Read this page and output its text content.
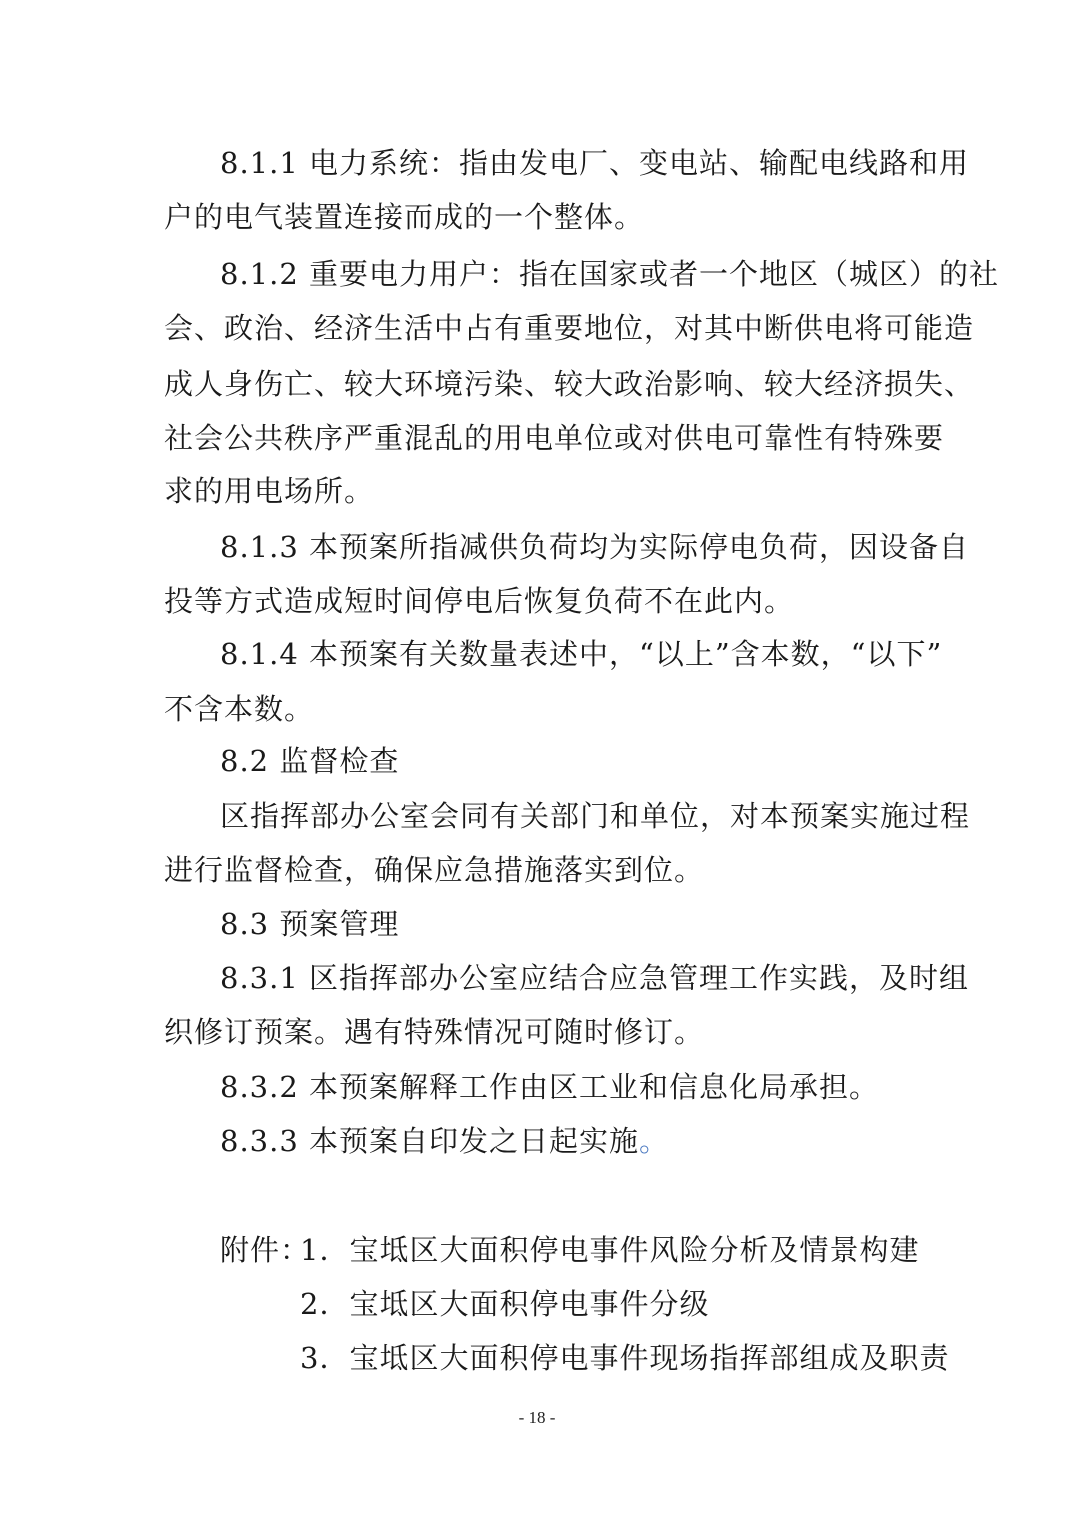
8.1.1 电力系统：指由发电厂、变电站、输配电线路和用
户的电气装置连接而成的一个整体。
8.1.2 重要电力用户：指在国家或者一个地区（城区）的社
会、政治、经济生活中占有重要地位，对其中断供电将可能造
成人身伤亡、较大环境污染、较大政治影响、较大经济损失、
社会公共秩序严重混乱的用电单位或对供电可靠性有特殊要
求的用电场所。
8.1.3 本预案所指减供负荷均为实际停电负荷，因设备自
投等方式造成短时间停电后恢复负荷不在此内。
8.1.4 本预案有关数量表述中，“以上”含本数，“以下”
不含本数。
8.2 监督检查
区指挥部办公室会同有关部门和单位，对本预案实施过程
进行监督检查，确保应急措施落实到位。
8.3 预案管理
8.3.1 区指挥部办公室应结合应急管理工作实践，及时组
织修订预案。遇有特殊情况可随时修订。
8.3.2 本预案解释工作由区工业和信息化局承担。
8.3.3 本预案自印发之日起实施。
附件：
1．宝坻区大面积停电事件风险分析及情景构建
2．宝坻区大面积停电事件分级
3．宝坻区大面积停电事件现场指挥部组成及职责
- 18 -
